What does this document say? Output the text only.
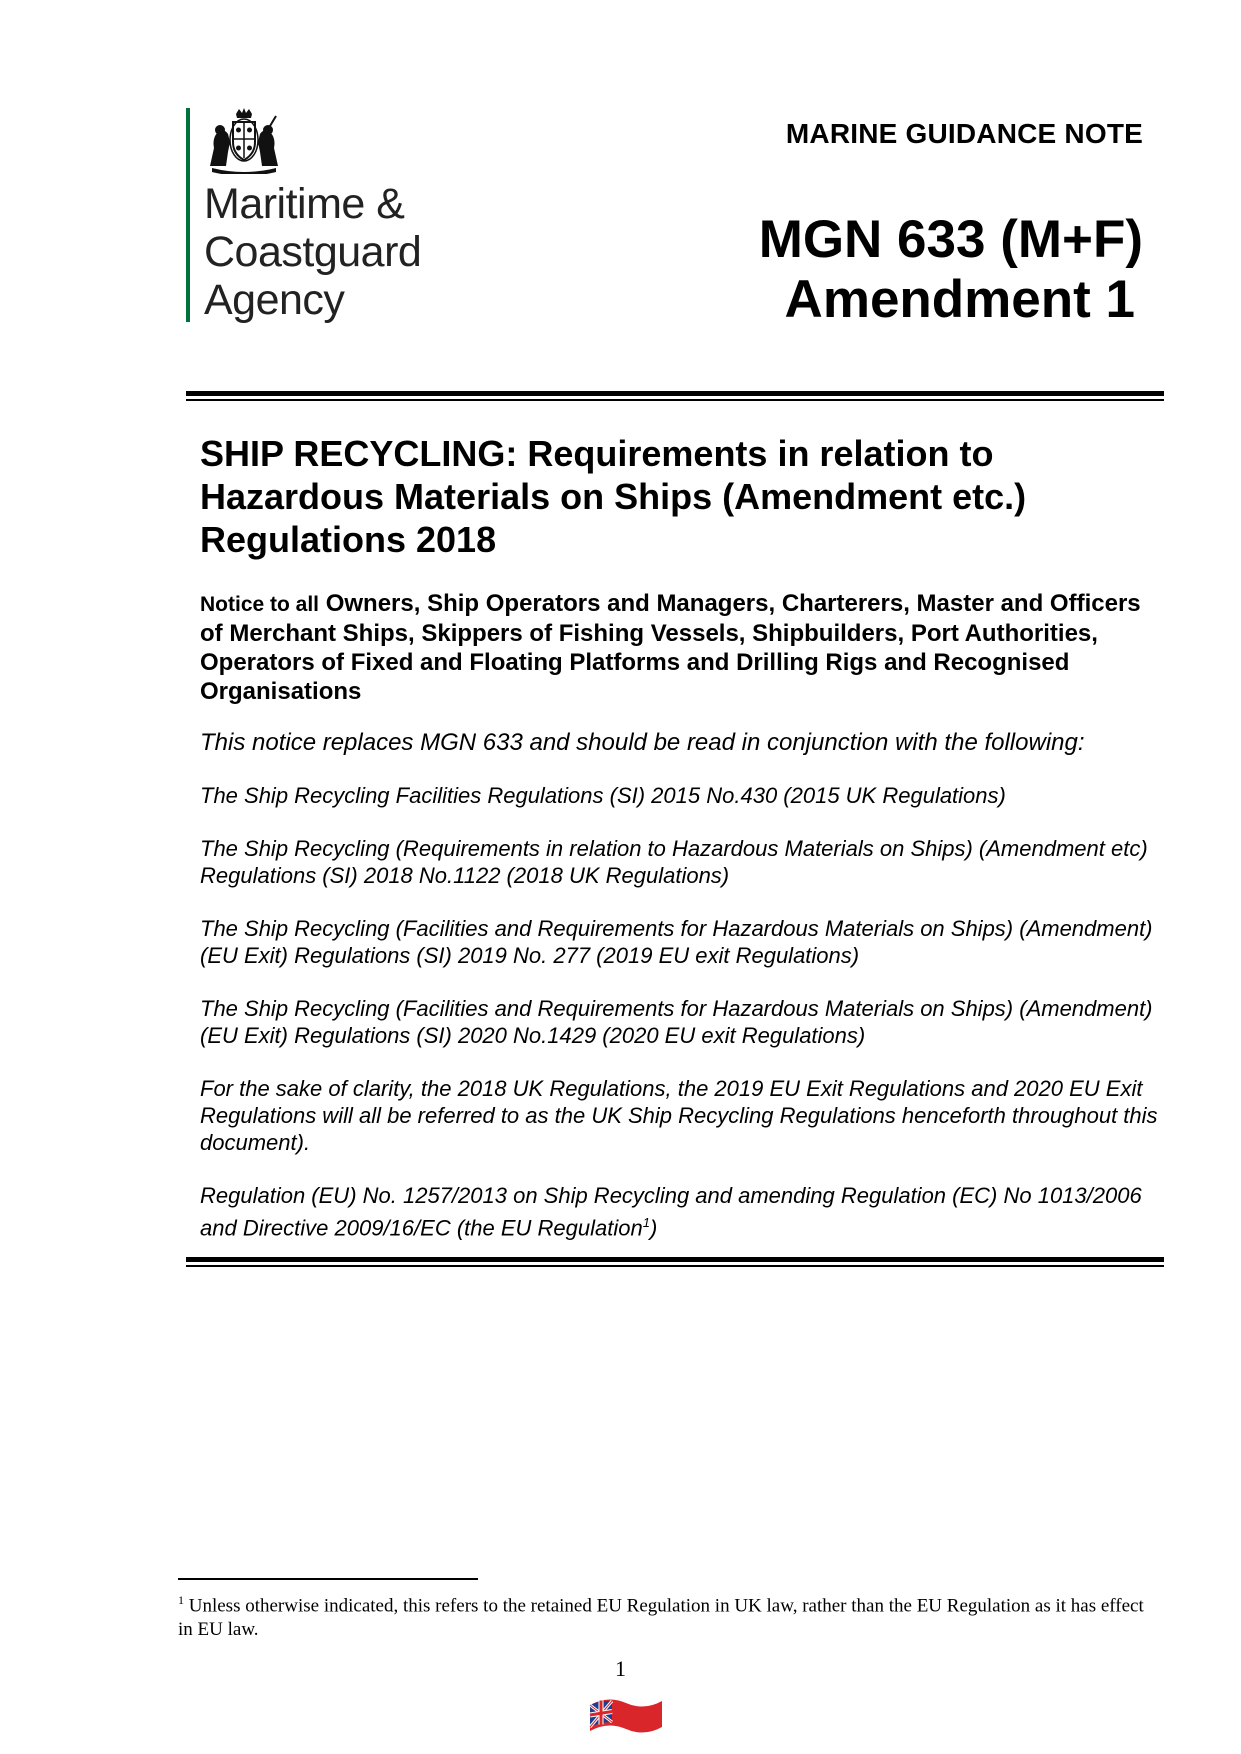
Maritime &
Coastguard
Agency
MARINE GUIDANCE NOTE
MGN 633 (M+F)
Amendment 1
SHIP RECYCLING: Requirements in relation to Hazardous Materials on Ships (Amendment etc.) Regulations 2018

Notice to all Owners, Ship Operators and Managers, Charterers, Master and Officers of Merchant Ships, Skippers of Fishing Vessels, Shipbuilders, Port Authorities, Operators of Fixed and Floating Platforms and Drilling Rigs and Recognised Organisations

This notice replaces MGN 633 and should be read in conjunction with the following:

The Ship Recycling Facilities Regulations (SI) 2015 No.430 (2015 UK Regulations)

The Ship Recycling (Requirements in relation to Hazardous Materials on Ships) (Amendment etc) Regulations (SI) 2018 No.1122 (2018 UK Regulations)

The Ship Recycling (Facilities and Requirements for Hazardous Materials on Ships) (Amendment) (EU Exit) Regulations (SI) 2019 No. 277 (2019 EU exit Regulations)

The Ship Recycling (Facilities and Requirements for Hazardous Materials on Ships) (Amendment) (EU Exit) Regulations (SI) 2020 No.1429 (2020 EU exit Regulations)

For the sake of clarity, the 2018 UK Regulations, the 2019 EU Exit Regulations and 2020 EU Exit Regulations will all be referred to as the UK Ship Recycling Regulations henceforth throughout this document).

Regulation (EU) No. 1257/2013 on Ship Recycling and amending Regulation (EC) No 1013/2006 and Directive 2009/16/EC (the EU Regulation$^1$)

$^1$ Unless otherwise indicated, this refers to the retained EU Regulation in UK law, rather than the EU Regulation as it has effect in EU law.
1
